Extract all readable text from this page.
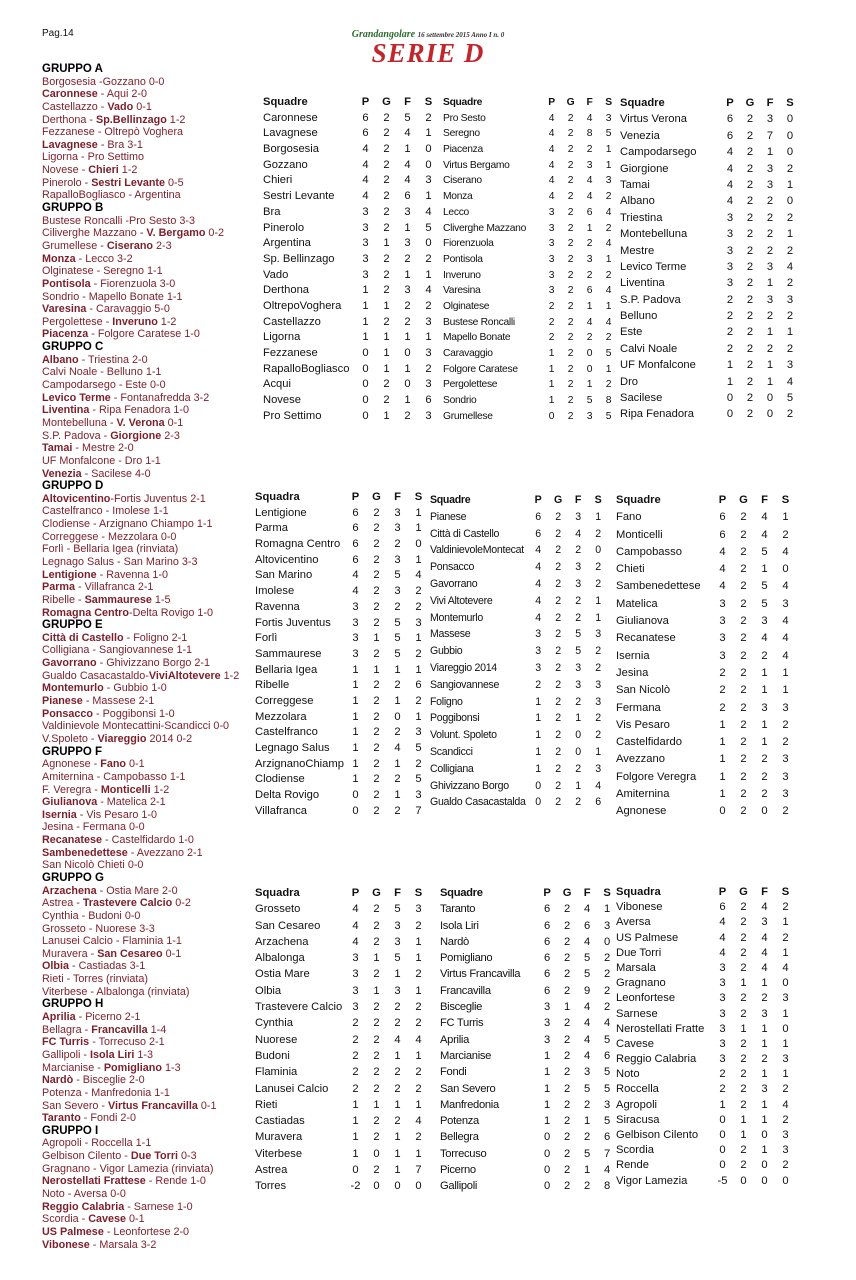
Pag.14	Grandangolare 16 settembre 2015 Anno I n. 0
SERIE D
GRUPPO A
Borgosesia -Gozzano 0-0
Caronnese - Aqui 2-0
Castellazzo - Vado 0-1
Derthona - Sp.Bellinzago 1-2
Fezzanese - Oltrepò Voghera
Lavagnese - Bra 3-1
Ligorna - Pro Settimo
Novese - Chieri 1-2
Pinerolo - Sestri Levante 0-5
RapalloBogliasco - Argentina
GRUPPO B
Bustese Roncalli -Pro Sesto 3-3
Ciliverghe Mazzano - V. Bergamo 0-2
Grumellese - Ciserano 2-3
Monza - Lecco 3-2
Olginatese - Seregno 1-1
Pontisola - Fiorenzuola 3-0
Sondrio - Mapello Bonate 1-1
Varesina - Caravaggio 5-0
Pergolettese - Inveruno 1-2
Piacenza - Folgore Caratese 1-0
GRUPPO C
Albano - Triestina 2-0
Calvi Noale - Belluno 1-1
Campodarsego - Este 0-0
Levico Terme - Fontanafredda 3-2
Liventina - Ripa Fenadora 1-0
Montebelluna - V. Verona 0-1
S.P. Padova - Giorgione 2-3
Tamai - Mestre 2-0
UF Monfalcone - Dro 1-1
Venezia - Sacilese 4-0
GRUPPO D
Altovicentino-Fortis Juventus 2-1
Castelfranco - Imolese 1-1
Clodiense - Arzignano Chiampo 1-1
Correggese - Mezzolara 0-0
Forlì - Bellaria Igea (rinviata)
Legnago Salus - San Marino 3-3
Lentigione - Ravenna 1-0
Parma - Villafranca 2-1
Ribelle - Sammaurese 1-5
Romagna Centro-Delta Rovigo 1-0
GRUPPO E
Città di Castello - Foligno 2-1
Colligiana - Sangiovannese 1-1
Gavorrano - Ghivizzano Borgo 2-1
Gualdo Casacastaldo-ViviAltotevere 1-2
Montemurlo - Gubbio 1-0
Pianese - Massese 2-1
Ponsacco - Poggibonsi 1-0
Valdinievole Montecattini-Scandicci 0-0
V.Spoleto - Viareggio 2014 0-2
GRUPPO F
Agnonese - Fano 0-1
Amiternina - Campobasso 1-1
F. Veregra - Monticelli 1-2
Giulianova - Matelica 2-1
Isernia - Vis Pesaro 1-0
Jesina - Fermana 0-0
Recanatese - Castelfidardo 1-0
Sambenedettese - Avezzano 2-1
San Nicolò Chieti 0-0
GRUPPO G
Arzachena - Ostia Mare 2-0
Astrea - Trastevere Calcio 0-2
Cynthia - Budoni 0-0
Grosseto - Nuorese 3-3
Lanusei Calcio - Flaminia 1-1
Muravera - San Cesareo 0-1
Olbia - Castiadas 3-1
Rieti - Torres (rinviata)
Viterbese - Albalonga (rinviata)
GRUPPO H
Aprilia - Picerno 2-1
Bellagra - Francavilla 1-4
FC Turris - Torrecuso 2-1
Gallipoli - Isola Liri 1-3
Marcianise - Pomigliano 1-3
Nardò - Bisceglie 2-0
Potenza - Manfredonia 1-1
San Severo - Virtus Francavilla 0-1
Taranto - Fondi 2-0
GRUPPO I
Agropoli - Roccella 1-1
Gelbison Cilento - Due Torri 0-3
Gragnano - Vigor Lamezia (rinviata)
Nerostellati Frattese - Rende 1-0
Noto - Aversa 0-0
Reggio Calabria - Sarnese 1-0
Scordia - Cavese 0-1
US Palmese - Leonfortese 2-0
Vibonese - Marsala 3-2
Squadre	P	G	F	S
Caronnese	6	2	5	2
Lavagnese	6	2	4	1
Borgosesia	4	2	1	0
Gozzano	4	2	4	0
Chieri	4	2	4	3
Sestri Levante	4	2	6	1
Bra	3	2	3	4
Pinerolo	3	2	1	5
Argentina	3	1	3	0
Sp. Bellinzago	3	2	2	2
Vado	3	2	1	1
Derthona	1	2	3	4
OltrepoVoghera	1	1	2	2
Castellazzo	1	2	2	3
Ligorna	1	1	1	1
Fezzanese	0	1	0	3
RapalloBogliasco	0	1	1	2
Acqui	0	2	0	3
Novese	0	2	1	6
Pro Settimo	0	1	2	3
Squadre	P	G	F	S
Pro Sesto	4	2	4	3
Seregno	4	2	8	5
Piacenza	4	2	2	1
Virtus Bergamo	4	2	3	1
Ciserano	4	2	4	3
Monza	4	2	4	2
Lecco	3	2	6	4
Cliverghe Mazzano	3	2	1	2
Fiorenzuola	3	2	2	4
Pontisola	3	2	3	1
Inveruno	3	2	2	2
Varesina	3	2	6	4
Olginatese	2	2	1	1
Bustese Roncalli	2	2	4	4
Mapello Bonate	2	2	2	2
Caravaggio	1	2	0	5
Folgore Caratese	1	2	0	1
Pergolettese	1	2	1	2
Sondrio	1	2	5	8
Grumellese	0	2	3	5
Squadre	P	G	F	S
Virtus Verona	6	2	3	0
Venezia	6	2	7	0
Campodarsego	4	2	1	0
Giorgione	4	2	3	2
Tamai	4	2	3	1
Albano	4	2	2	0
Triestina	3	2	2	2
Montebelluna	3	2	2	1
Mestre	3	2	2	2
Levico Terme	3	2	3	4
Liventina	3	2	1	2
S.P. Padova	2	2	3	3
Belluno	2	2	2	2
Este	2	2	1	1
Calvi Noale	2	2	2	2
UF Monfalcone	1	2	1	3
Dro	1	2	1	4
Sacilese	0	2	0	5
Ripa Fenadora	0	2	0	2
Squadra	P	G	F	S
Lentigione	6	2	3	1
Parma	6	2	3	1
Romagna Centro	6	2	2	0
Altovicentino	6	2	3	1
San Marino	4	2	5	4
Imolese	4	2	3	2
Ravenna	3	2	2	2
Fortis Juventus	3	2	5	3
Forlì	3	1	5	1
Sammaurese	3	2	5	2
Bellaria Igea	1	1	1	1
Ribelle	1	2	2	6
Correggese	1	2	1	2
Mezzolara	1	2	0	1
Castelfranco	1	2	2	3
Legnago Salus	1	2	4	5
ArzignanoChiamp 1	2	1	2
Clodiense	1	2	2	5
Delta Rovigo	0	2	1	3
Villafranca	0	2	2	7
Squadre	P	G	F	S
Pianese	6	2	3	1
Città di Castello	6	2	4	2
ValdinievoleMontecat	4	2	2	0
Ponsacco	4	2	3	2
Gavorrano	4	2	3	2
Vivi Altotevere	4	2	2	1
Montemurlo	4	2	2	1
Massese	3	2	5	3
Gubbio	3	2	5	2
Viareggio 2014	3	2	3	2
Sangiovannese	2	2	3	3
Foligno	1	2	2	3
Poggibonsi	1	2	1	2
Volunt. Spoleto	1	2	0	2
Scandicci	1	2	0	1
Colligiana	1	2	2	3
Ghivizzano Borgo	0	2	1	4
Gualdo Casacastalda 0	2	2	6
Squadre	P	G	F	S
Fano	6	2	4	1
Monticelli	6	2	4	2
Campobasso	4	2	5	4
Chieti	4	2	1	0
Sambenedettese	4	2	5	4
Matelica	3	2	5	3
Giulianova	3	2	3	4
Recanatese	3	2	4	4
Isernia	3	2	2	4
Jesina	2	2	1	1
San Nicolò	2	2	1	1
Fermana	2	2	3	3
Vis Pesaro	1	2	1	2
Castelfidardo	1	2	1	2
Avezzano	1	2	2	3
Folgore Veregra	1	2	2	3
Amiternina	1	2	2	3
Agnonese	0	2	0	2
Squadra	P	G	F	S
Grosseto	4	2	5	3
San Cesareo	4	2	3	2
Arzachena	4	2	3	1
Albalonga	3	1	5	1
Ostia Mare	3	2	1	2
Olbia	3	1	3	1
Trastevere Calcio 3	2	2	2
Cynthia	2	2	2	2
Nuorese	2	2	4	4
Budoni	2	2	1	1
Flaminia	2	2	2	2
Lanusei Calcio	2	2	2	2
Rieti	1	1	1	1
Castiadas	1	2	2	4
Muravera	1	2	1	2
Viterbese	1	0	1	1
Astrea	0	2	1	7
Torres	-2	0	0	0
Squadre	P	G	F	S
Taranto	6	2	4	1
Isola Liri	6	2	6	3
Nardò	6	2	4	0
Pomigliano	6	2	5	2
Virtus Francavilla	6	2	5	2
Francavilla	6	2	9	2
Bisceglie	3	1	4	2
FC Turris	3	2	4	4
Aprilia	3	2	4	5
Marcianise	1	2	4	6
Fondi	1	2	3	5
San Severo	1	2	5	5
Manfredonia	1	2	2	3
Potenza	1	2	1	5
Bellegra	0	2	2	6
Torrecuso	0	2	5	7
Picerno	0	2	1	4
Gallipoli	0	2	2	8
Squadra	P	G	F	S
Vibonese	6	2	4	2
Aversa	4	2	3	1
US Palmese	4	2	4	2
Due Torri	4	2	4	1
Marsala	3	2	4	4
Gragnano	3	1	1	0
Leonfortese	3	2	2	3
Sarnese	3	2	3	1
Nerostellati Fratte	3	1	1	0
Cavese	3	2	1	1
Reggio Calabria	3	2	2	3
Noto	2	2	1	1
Roccella	2	2	3	2
Agropoli	1	2	1	4
Siracusa	0	1	1	2
Gelbison Cilento	0	1	0	3
Scordia	0	2	1	3
Rende	0	2	0	2
Vigor Lamezia	-5	0	0	0
